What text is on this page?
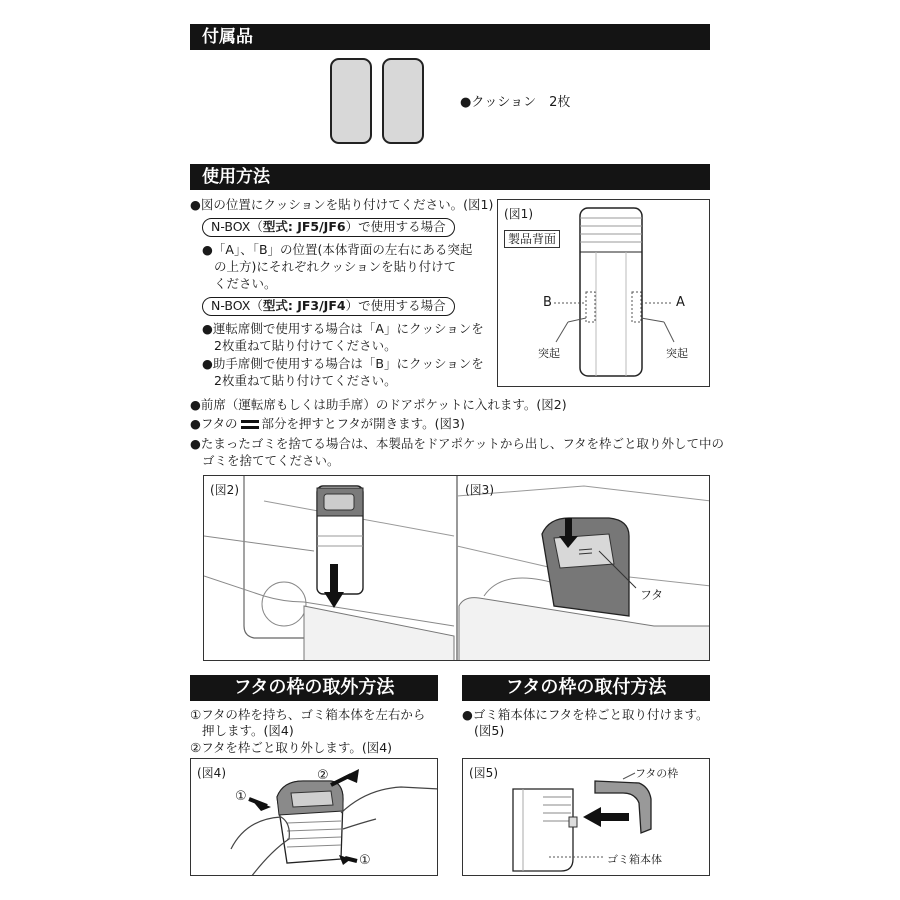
付属品
●クッション　2枚
使用方法
●図の位置にクッションを貼り付けてください。(図1)
N-BOX（型式: JF5/JF6）で使用する場合
●「A」、「B」の位置(本体背面の左右にある突起
の上方)にそれぞれクッションを貼り付けて
ください。
N-BOX（型式: JF3/JF4）で使用する場合
●運転席側で使用する場合は「A」にクッションを
2枚重ねて貼り付けてください。
●助手席側で使用する場合は「B」にクッションを
2枚重ねて貼り付けてください。
(図1)
製品背面
B	A
突起	突起
●前席（運転席もしくは助手席）のドアポケットに入れます。(図2)
●フタの 部分を押すとフタが開きます。(図3)
●たまったゴミを捨てる場合は、本製品をドアポケットから出し、フタを枠ごと取り外して中の
ゴミを捨ててください。
(図2)	(図3)
フタ
フタの枠の取外方法
①フタの枠を持ち、ゴミ箱本体を左右から
押します。(図4)
②フタを枠ごと取り外します。(図4)
フタの枠の取付方法
●ゴミ箱本体にフタを枠ごと取り付けます。
(図5)
(図4)
①
②
①
(図5)	フタの枠
ゴミ箱本体
